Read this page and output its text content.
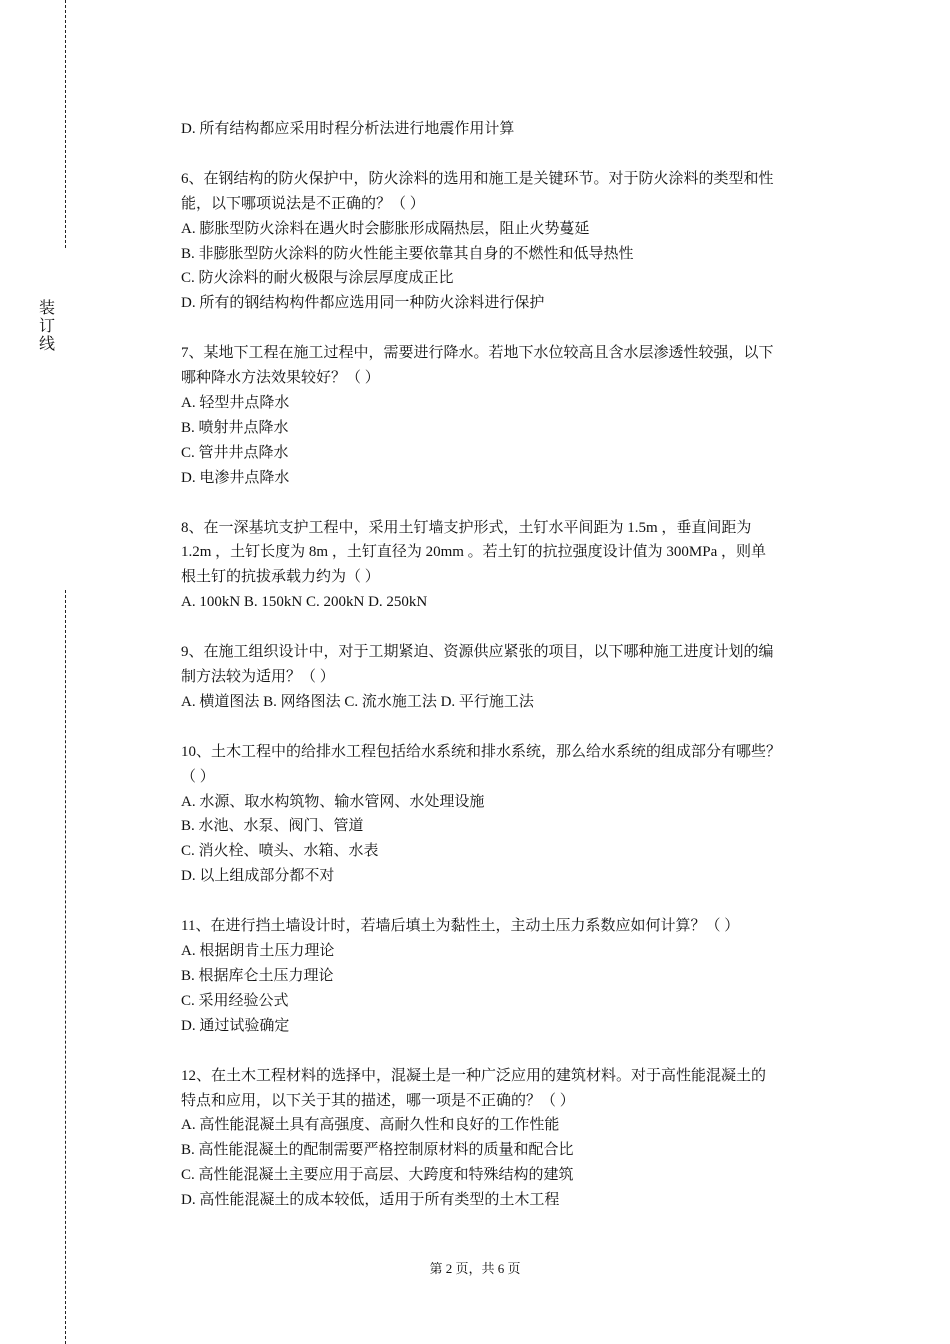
装订线
D. 所有结构都应采用时程分析法进行地震作用计算
6、在钢结构的防火保护中，防火涂料的选用和施工是关键环节。对于防火涂料的类型和性
能，以下哪项说法是不正确的？（ ）
A. 膨胀型防火涂料在遇火时会膨胀形成隔热层，阻止火势蔓延
B. 非膨胀型防火涂料的防火性能主要依靠其自身的不燃性和低导热性
C. 防火涂料的耐火极限与涂层厚度成正比
D. 所有的钢结构构件都应选用同一种防火涂料进行保护
7、某地下工程在施工过程中，需要进行降水。若地下水位较高且含水层渗透性较强，以下
哪种降水方法效果较好？（ ）
A. 轻型井点降水
B. 喷射井点降水
C. 管井井点降水
D. 电渗井点降水
8、在一深基坑支护工程中，采用土钉墙支护形式，土钉水平间距为 1.5m ，垂直间距为
1.2m ，土钉长度为 8m ，土钉直径为 20mm 。若土钉的抗拉强度设计值为 300MPa ，则单
根土钉的抗拔承载力约为（ ）
A. 100kN B. 150kN C. 200kN D. 250kN
9、在施工组织设计中，对于工期紧迫、资源供应紧张的项目，以下哪种施工进度计划的编
制方法较为适用？（ ）
A. 横道图法 B. 网络图法 C. 流水施工法 D. 平行施工法
10、土木工程中的给排水工程包括给水系统和排水系统，那么给水系统的组成部分有哪些？
（ ）
A. 水源、取水构筑物、输水管网、水处理设施
B. 水池、水泵、阀门、管道
C. 消火栓、喷头、水箱、水表
D. 以上组成部分都不对
11、在进行挡土墙设计时，若墙后填土为黏性土，主动土压力系数应如何计算？（ ）
A. 根据朗肯土压力理论
B. 根据库仑土压力理论
C. 采用经验公式
D. 通过试验确定
12、在土木工程材料的选择中，混凝土是一种广泛应用的建筑材料。对于高性能混凝土的
特点和应用，以下关于其的描述，哪一项是不正确的？（ ）
A. 高性能混凝土具有高强度、高耐久性和良好的工作性能
B. 高性能混凝土的配制需要严格控制原材料的质量和配合比
C. 高性能混凝土主要应用于高层、大跨度和特殊结构的建筑
D. 高性能混凝土的成本较低，适用于所有类型的土木工程
第 2 页，共 6 页
